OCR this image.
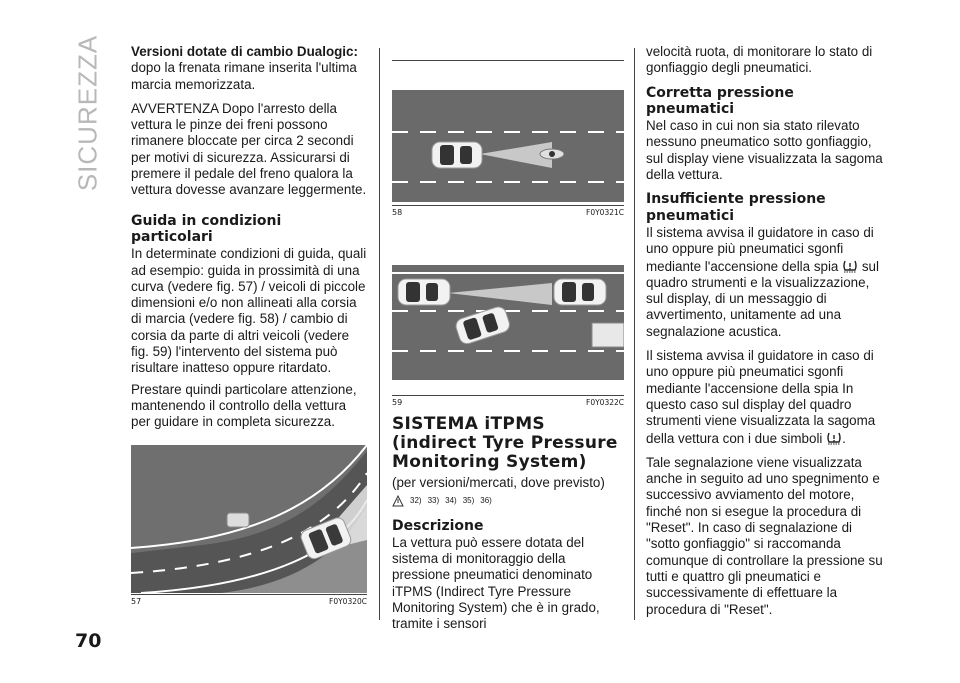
SICUREZZA Versioni dotate di cambio Dualogic: dopo la frenata rimane inserita l'ultima marcia memorizzata.

AVVERTENZA Dopo l'arresto della vettura le pinze dei freni possono rimanere bloccate per circa 2 secondi per motivi di sicurezza. Assicurarsi di premere il pedale del freno qualora la vettura dovesse avanzare leggermente.

Guida in condizioni particolari

In determinate condizioni di guida, quali ad esempio: guida in prossimità di una curva (vedere fig. 57) / veicoli di piccole dimensioni e/o non allineati alla corsia di marcia (vedere fig. 58) / cambio di corsia da parte di altri veicoli (vedere fig. 59) l'intervento del sistema può risultare inatteso oppure ritardato.

Prestare quindi particolare attenzione, mantenendo il controllo della vettura per guidare in completa sicurezza.

57	F0Y0320C
58	F0Y0321C
59	F0Y0322C
SISTEMA iTPMS (indirect Tyre Pressure Monitoring System)
(per versioni/mercati, dove previsto)
32) 33) 34) 35) 36)
Descrizione

La vettura può essere dotata del sistema di monitoraggio della pressione pneumatici denominato iTPMS (Indirect Tyre Pressure Monitoring System) che è in grado, tramite i sensori

velocità ruota, di monitorare lo stato di gonfiaggio degli pneumatici.

Corretta pressione pneumatici

Nel caso in cui non sia stato rilevato nessuno pneumatico sotto gonfiaggio, sul display viene visualizzata la sagoma della vettura.

Insufficiente pressione pneumatici

Il sistema avvisa il guidatore in caso di uno oppure più pneumatici sgonfi mediante l'accensione della spia sul quadro strumenti e la visualizzazione, sul display, di un messaggio di avvertimento, unitamente ad una segnalazione acustica.

Il sistema avvisa il guidatore in caso di uno oppure più pneumatici sgonfi mediante l'accensione della spia In questo caso sul display del quadro strumenti viene visualizzata la sagoma della vettura con i due simboli .

Tale segnalazione viene visualizzata anche in seguito ad uno spegnimento e successivo avviamento del motore, finché non si esegue la procedura di "Reset". In caso di segnalazione di "sotto gonfiaggio" si raccomanda comunque di controllare la pressione su tutti e quattro gli pneumatici e successivamente di effettuare la procedura di "Reset".

70
